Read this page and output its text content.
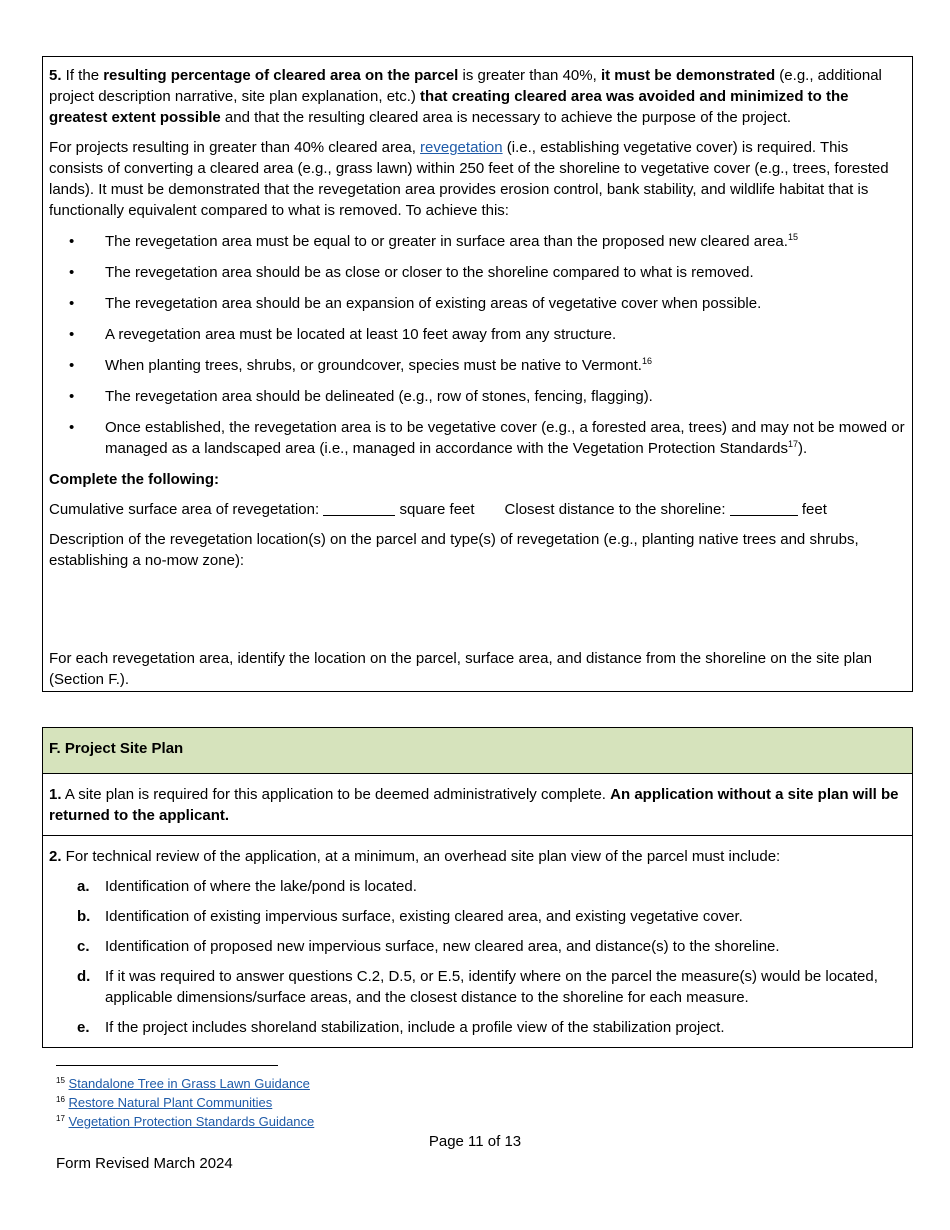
5. If the resulting percentage of cleared area on the parcel is greater than 40%, it must be demonstrated (e.g., additional project description narrative, site plan explanation, etc.) that creating cleared area was avoided and minimized to the greatest extent possible and that the resulting cleared area is necessary to achieve the purpose of the project.

For projects resulting in greater than 40% cleared area, revegetation (i.e., establishing vegetative cover) is required. This consists of converting a cleared area (e.g., grass lawn) within 250 feet of the shoreline to vegetative cover (e.g., trees, forested lands). It must be demonstrated that the revegetation area provides erosion control, bank stability, and wildlife habitat that is functionally equivalent compared to what is removed. To achieve this:

• The revegetation area must be equal to or greater in surface area than the proposed new cleared area.$^{15}$
• The revegetation area should be as close or closer to the shoreline compared to what is removed.
• The revegetation area should be an expansion of existing areas of vegetative cover when possible.
• A revegetation area must be located at least 10 feet away from any structure.
• When planting trees, shrubs, or groundcover, species must be native to Vermont.$^{16}$
• The revegetation area should be delineated (e.g., row of stones, fencing, flagging).
• Once established, the revegetation area is to be vegetative cover (e.g., a forested area, trees) and may not be mowed or managed as a landscaped area (i.e., managed in accordance with the Vegetation Protection Standards$^{17}$).

Complete the following:

Cumulative surface area of revegetation:	square feet Closest distance to the shoreline:	feet

Description of the revegetation location(s) on the parcel and type(s) of revegetation (e.g., planting native trees and shrubs, establishing a no-mow zone):

For each revegetation area, identify the location on the parcel, surface area, and distance from the shoreline on the site plan (Section F.).

F. Project Site Plan
1. A site plan is required for this application to be deemed administratively complete. An application without a site plan will be returned to the applicant.

2. For technical review of the application, at a minimum, an overhead site plan view of the parcel must include:

a. Identification of where the lake/pond is located.
b. Identification of existing impervious surface, existing cleared area, and existing vegetative cover.
c. Identification of proposed new impervious surface, new cleared area, and distance(s) to the shoreline.
d. If it was required to answer questions C.2, D.5, or E.5, identify where on the parcel the measure(s) would be located, applicable dimensions/surface areas, and the closest distance to the shoreline for each measure.
e. If the project includes shoreland stabilization, include a profile view of the stabilization project.
$^{15}$ Standalone Tree in Grass Lawn Guidance
$^{16}$ Restore Natural Plant Communities
$^{17}$ Vegetation Protection Standards Guidance
Page 11 of 13
Form Revised March 2024
